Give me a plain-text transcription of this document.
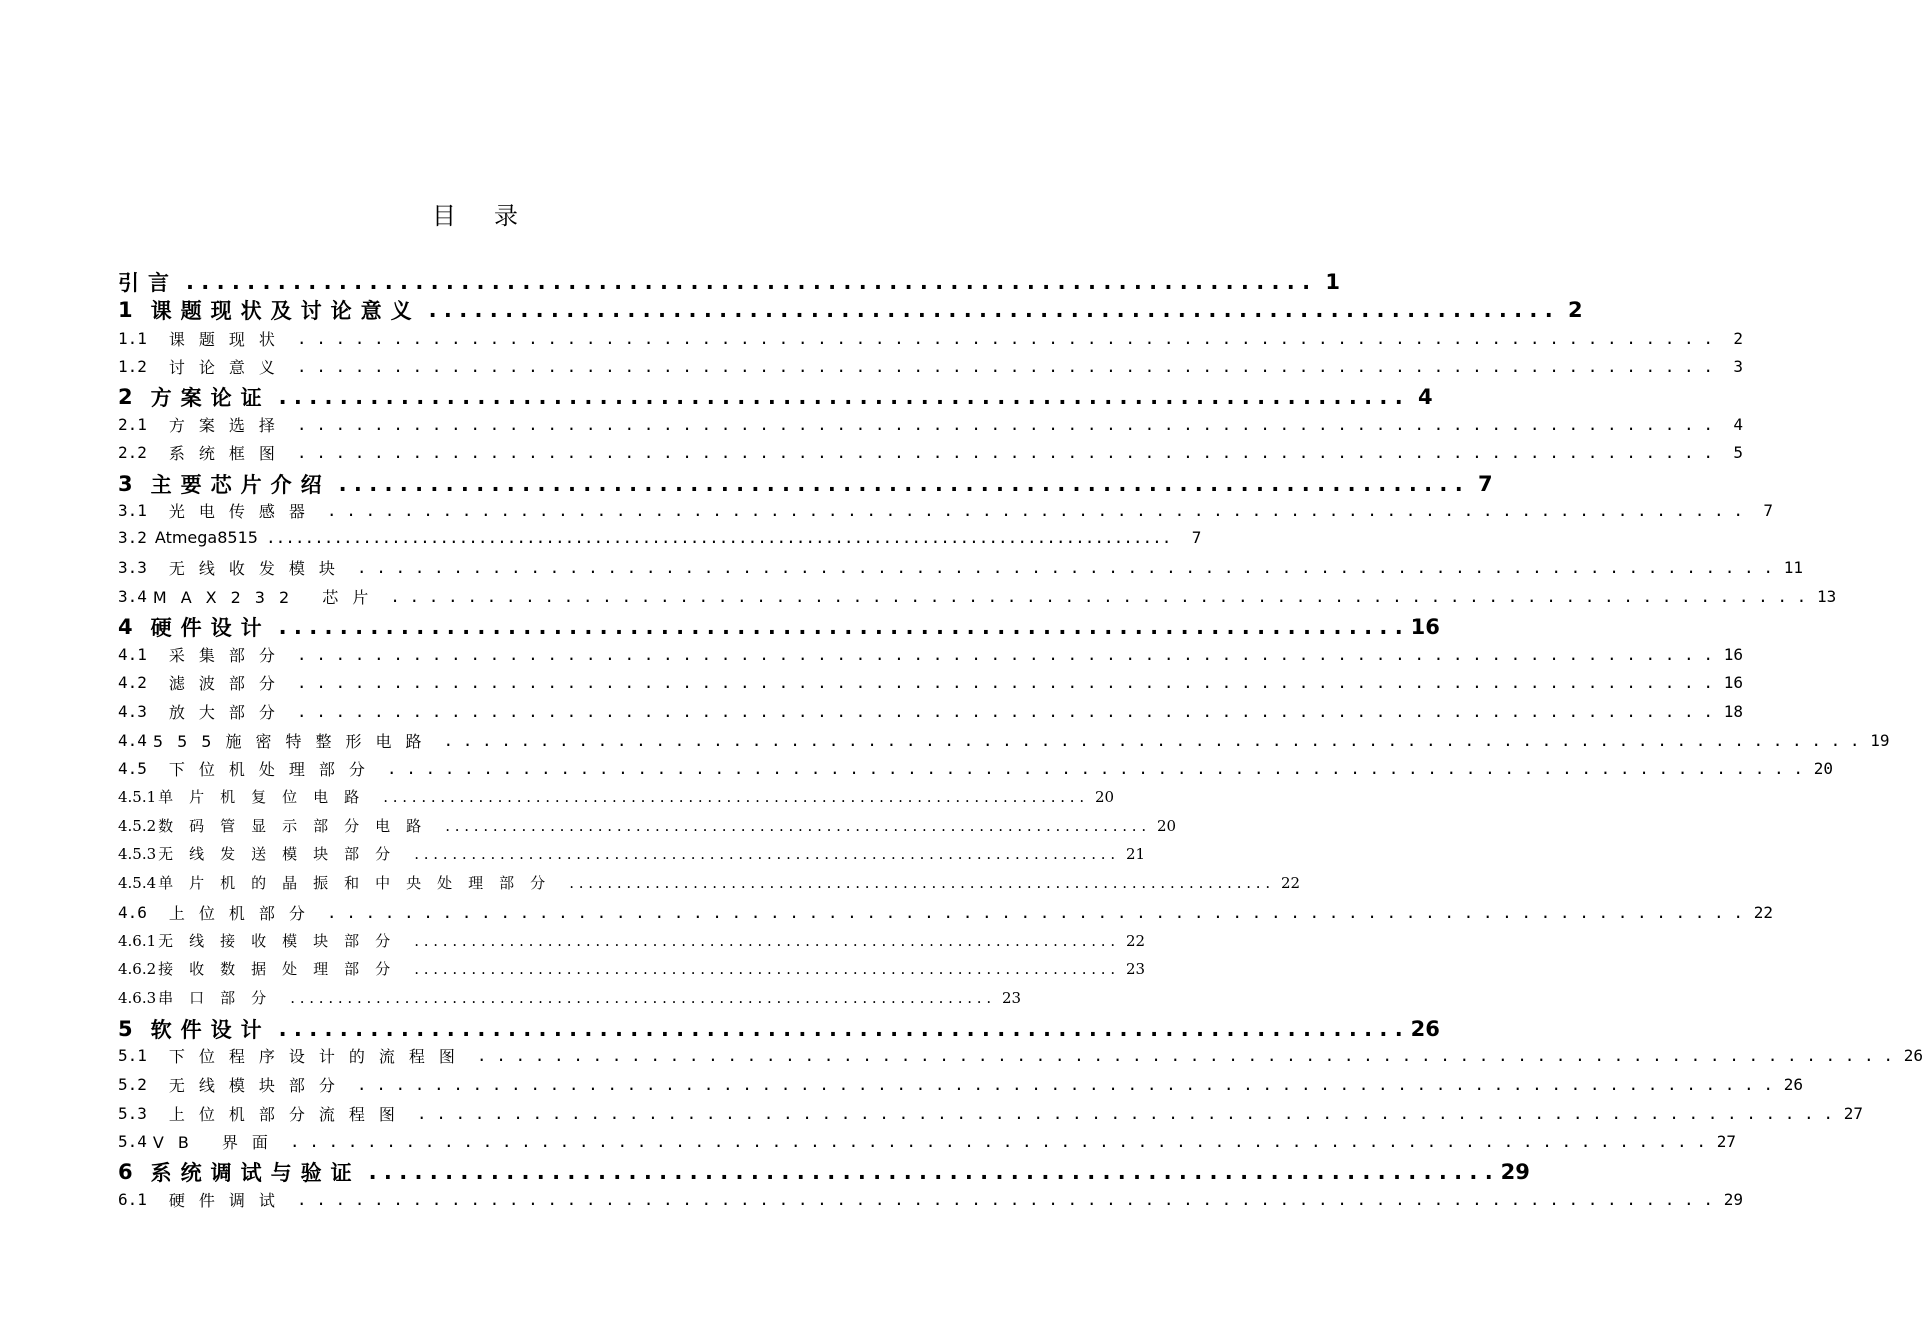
目录
引言 . . . . . . . . . . . . . . . . . . . . . . . . . . . . . . . . . . . . . . . . . . . . . . . . . . . . . . . . . . . . . . . . . . . . . . . . . . 1
1 课题现状及讨论意义 . . . . . . . . . . . . . . . . . . . . . . . . . . . . . . . . . . . . . . . . . . . . . . . . . . . . . . . . . . . . . . . . . . . . . . . . . . 2
1.1 课题现状 . . . . . . . . . . . . . . . . . . . . . . . . . . . . . . . . . . . . . . . . . . . . . . . . . . . . . . . . . . . . . . . . . . . . . . . . . .	2
1.2 讨论意义 . . . . . . . . . . . . . . . . . . . . . . . . . . . . . . . . . . . . . . . . . . . . . . . . . . . . . . . . . . . . . . . . . . . . . . . . . .	3
2 方案论证 . . . . . . . . . . . . . . . . . . . . . . . . . . . . . . . . . . . . . . . . . . . . . . . . . . . . . . . . . . . . . . . . . . . . . . . . . . 4
2.1 方案选择 . . . . . . . . . . . . . . . . . . . . . . . . . . . . . . . . . . . . . . . . . . . . . . . . . . . . . . . . . . . . . . . . . . . . . . . . . .	4
2.2 系统框图 . . . . . . . . . . . . . . . . . . . . . . . . . . . . . . . . . . . . . . . . . . . . . . . . . . . . . . . . . . . . . . . . . . . . . . . . . .	5
3 主要芯片介绍 . . . . . . . . . . . . . . . . . . . . . . . . . . . . . . . . . . . . . . . . . . . . . . . . . . . . . . . . . . . . . . . . . . . . . . . . . . 7
3.1 光电传感器 . . . . . . . . . . . . . . . . . . . . . . . . . . . . . . . . . . . . . . . . . . . . . . . . . . . . . . . . . . . . . . . . . . . . . . . . . .	7
3.2 Atmega8515 ..............................................................................................	7
3.3 无线收发模块 . . . . . . . . . . . . . . . . . . . . . . . . . . . . . . . . . . . . . . . . . . . . . . . . . . . . . . . . . . . . . . . . . . . . . . . . . . 11
3.4 MAX232 芯片 . . . . . . . . . . . . . . . . . . . . . . . . . . . . . . . . . . . . . . . . . . . . . . . . . . . . . . . . . . . . . . . . . . . . . . . . . . 13
4 硬件设计 . . . . . . . . . . . . . . . . . . . . . . . . . . . . . . . . . . . . . . . . . . . . . . . . . . . . . . . . . . . . . . . . . . . . . . . . . . 16
4.1 采集部分 . . . . . . . . . . . . . . . . . . . . . . . . . . . . . . . . . . . . . . . . . . . . . . . . . . . . . . . . . . . . . . . . . . . . . . . . . . 16
4.2 滤波部分 . . . . . . . . . . . . . . . . . . . . . . . . . . . . . . . . . . . . . . . . . . . . . . . . . . . . . . . . . . . . . . . . . . . . . . . . . . 16
4.3 放大部分 . . . . . . . . . . . . . . . . . . . . . . . . . . . . . . . . . . . . . . . . . . . . . . . . . . . . . . . . . . . . . . . . . . . . . . . . . . 18
4.4 555施密特整形电路 . . . . . . . . . . . . . . . . . . . . . . . . . . . . . . . . . . . . . . . . . . . . . . . . . . . . . . . . . . . . . . . . . . . . . . . . . . 19
4.5 下位机处理部分 . . . . . . . . . . . . . . . . . . . . . . . . . . . . . . . . . . . . . . . . . . . . . . . . . . . . . . . . . . . . . . . . . . . . . . . . . . 20
4.5.1 单片机复位电路 . . . . . . . . . . . . . . . . . . . . . . . . . . . . . . . . . . . . . . . . . . . . . . . . . . . . . . . . . . . . . . . . . . . . . . . . . . 20
4.5.2 数码管显示部分电路 . . . . . . . . . . . . . . . . . . . . . . . . . . . . . . . . . . . . . . . . . . . . . . . . . . . . . . . . . . . . . . . . . . . . . . . . . . 20
4.5.3 无线发送模块部分 . . . . . . . . . . . . . . . . . . . . . . . . . . . . . . . . . . . . . . . . . . . . . . . . . . . . . . . . . . . . . . . . . . . . . . . . . . 21
4.5.4 单片机的晶振和中央处理部分 . . . . . . . . . . . . . . . . . . . . . . . . . . . . . . . . . . . . . . . . . . . . . . . . . . . . . . . . . . . . . . . . . . . . . . . . . . 22
4.6 上位机部分 . . . . . . . . . . . . . . . . . . . . . . . . . . . . . . . . . . . . . . . . . . . . . . . . . . . . . . . . . . . . . . . . . . . . . . . . . . 22
4.6.1 无线接收模块部分 . . . . . . . . . . . . . . . . . . . . . . . . . . . . . . . . . . . . . . . . . . . . . . . . . . . . . . . . . . . . . . . . . . . . . . . . . . 22
4.6.2 接收数据处理部分 . . . . . . . . . . . . . . . . . . . . . . . . . . . . . . . . . . . . . . . . . . . . . . . . . . . . . . . . . . . . . . . . . . . . . . . . . . 23
4.6.3 串口部分 . . . . . . . . . . . . . . . . . . . . . . . . . . . . . . . . . . . . . . . . . . . . . . . . . . . . . . . . . . . . . . . . . . . . . . . . . . 23
5 软件设计 . . . . . . . . . . . . . . . . . . . . . . . . . . . . . . . . . . . . . . . . . . . . . . . . . . . . . . . . . . . . . . . . . . . . . . . . . . 26
5.1 下位程序设计的流程图 . . . . . . . . . . . . . . . . . . . . . . . . . . . . . . . . . . . . . . . . . . . . . . . . . . . . . . . . . . . . . . . . . . . . . . . . . . 26
5.2 无线模块部分 . . . . . . . . . . . . . . . . . . . . . . . . . . . . . . . . . . . . . . . . . . . . . . . . . . . . . . . . . . . . . . . . . . . . . . . . . . 26
5.3 上位机部分流程图 . . . . . . . . . . . . . . . . . . . . . . . . . . . . . . . . . . . . . . . . . . . . . . . . . . . . . . . . . . . . . . . . . . . . . . . . . . 27
5.4 VB 界面 . . . . . . . . . . . . . . . . . . . . . . . . . . . . . . . . . . . . . . . . . . . . . . . . . . . . . . . . . . . . . . . . . . . . . . . . . . 27
6 系统调试与验证 . . . . . . . . . . . . . . . . . . . . . . . . . . . . . . . . . . . . . . . . . . . . . . . . . . . . . . . . . . . . . . . . . . . . . . . . . . 29
6.1 硬件调试 . . . . . . . . . . . . . . . . . . . . . . . . . . . . . . . . . . . . . . . . . . . . . . . . . . . . . . . . . . . . . . . . . . . . . . . . . . 29
